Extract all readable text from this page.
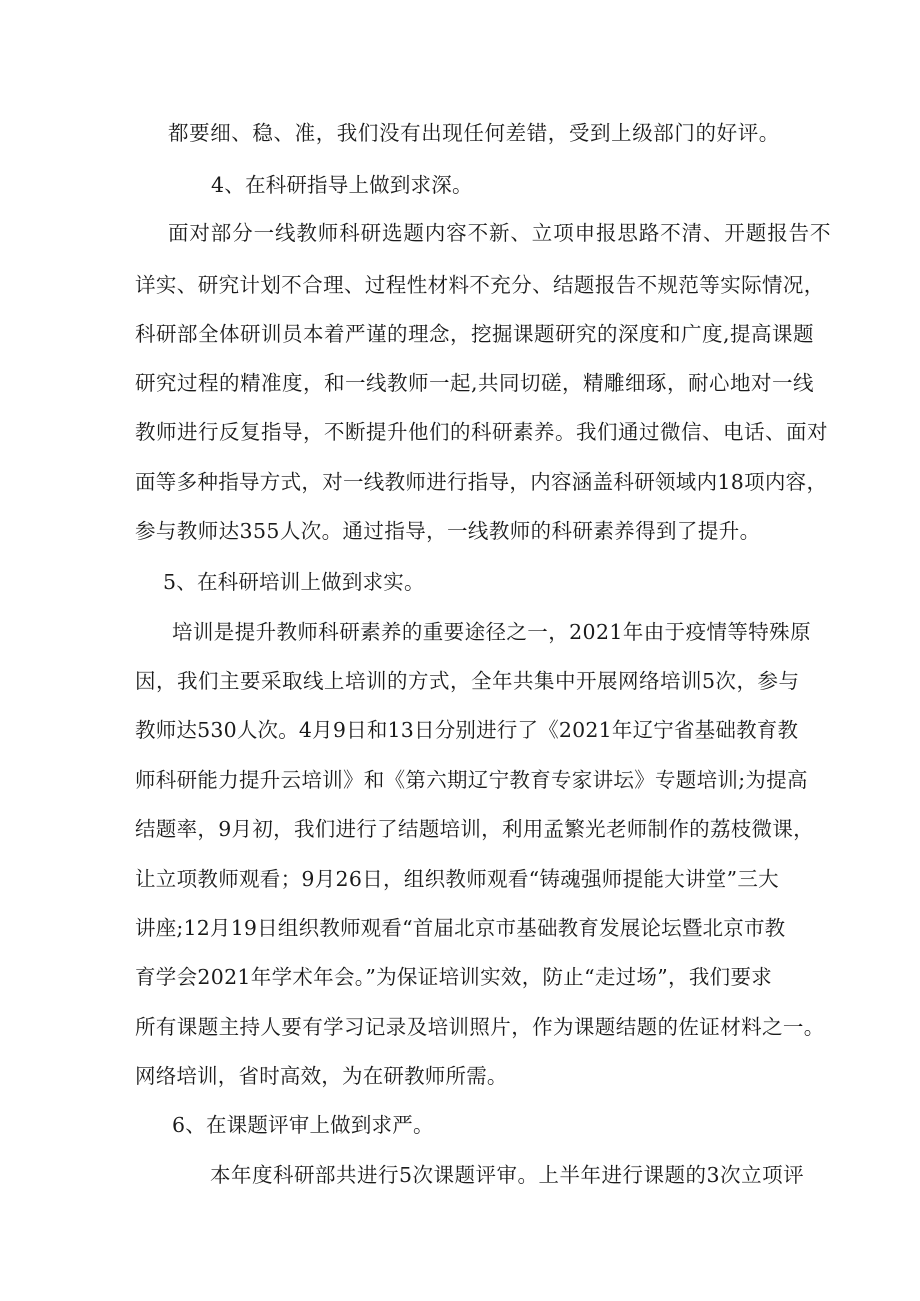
都要细、稳、准，我们没有出现任何差错，受到上级部门的好评。
4、在科研指导上做到求深。
面对部分一线教师科研选题内容不新、立项申报思路不清、开题报告不
详实、研究计划不合理、过程性材料不充分、结题报告不规范等实际情况，
科研部全体研训员本着严谨的理念，挖掘课题研究的深度和广度,提高课题
研究过程的精准度，和一线教师一起,共同切磋，精雕细琢，耐心地对一线
教师进行反复指导，不断提升他们的科研素养。我们通过微信、电话、面对
面等多种指导方式，对一线教师进行指导，内容涵盖科研领域内18项内容，
参与教师达355人次。通过指导，一线教师的科研素养得到了提升。
5、在科研培训上做到求实。
培训是提升教师科研素养的重要途径之一，2021年由于疫情等特殊原
因，我们主要采取线上培训的方式，全年共集中开展网络培训5次，参与
教师达530人次。4月9日和13日分别进行了《2021年辽宁省基础教育教
师科研能力提升云培训》和《第六期辽宁教育专家讲坛》专题培训;为提高
结题率，9月初，我们进行了结题培训，利用孟繁光老师制作的荔枝微课，
让立项教师观看；9月26日，组织教师观看“铸魂强师提能大讲堂”三大
讲座;12月19日组织教师观看“首届北京市基础教育发展论坛暨北京市教
育学会2021年学术年会。”为保证培训实效，防止“走过场”，我们要求
所有课题主持人要有学习记录及培训照片，作为课题结题的佐证材料之一。
网络培训，省时高效，为在研教师所需。
6、在课题评审上做到求严。
本年度科研部共进行5次课题评审。上半年进行课题的3次立项评
